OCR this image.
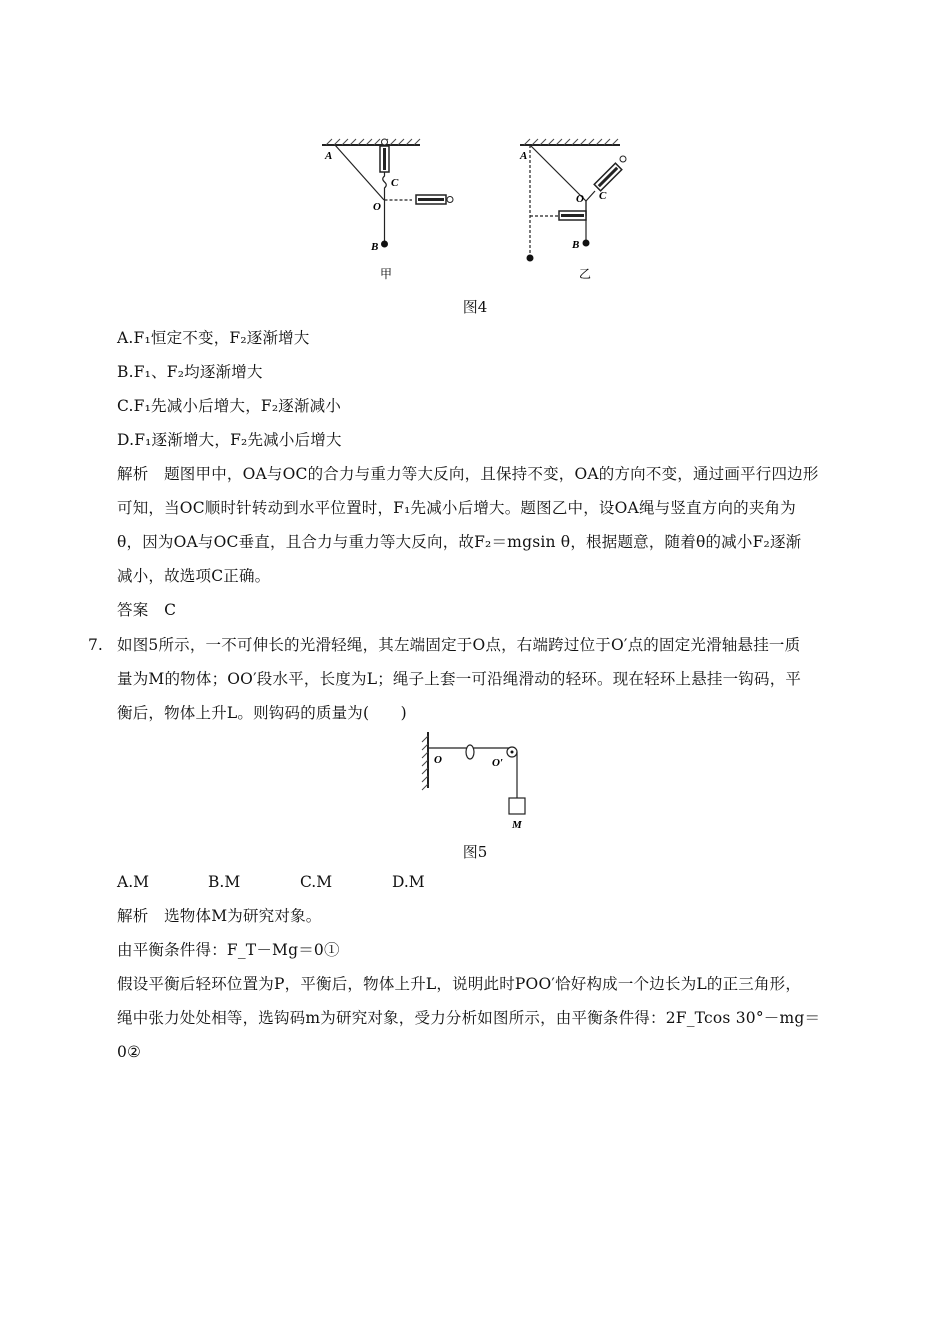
A
C
O
B
甲
A
C
O
B
乙
图4
A.F₁恒定不变，F₂逐渐增大
B.F₁、F₂均逐渐增大
C.F₁先减小后增大，F₂逐渐减小
D.F₁逐渐增大，F₂先减小后增大
解析　题图甲中，OA与OC的合力与重力等大反向，且保持不变，OA的方向不变，通过画平行四边形
可知，当OC顺时针转动到水平位置时，F₁先减小后增大。题图乙中，设OA绳与竖直方向的夹角为
θ，因为OA与OC垂直，且合力与重力等大反向，故F₂＝mgsin θ，根据题意，随着θ的减小F₂逐渐
减小，故选项C正确。
答案　C
7. 如图5所示，一不可伸长的光滑轻绳，其左端固定于O点，右端跨过位于O′点的固定光滑轴悬挂一质
量为M的物体；OO′段水平，长度为L；绳子上套一可沿绳滑动的轻环。现在轻环上悬挂一钩码，平
衡后，物体上升L。则钩码的质量为(　　)
O	O′
M
图5
A.M	B.M	C.M	D.M
解析　选物体M为研究对象。
由平衡条件得：F_T－Mg＝0①
假设平衡后轻环位置为P，平衡后，物体上升L，说明此时POO′恰好构成一个边长为L的正三角形，
绳中张力处处相等，选钩码m为研究对象，受力分析如图所示，由平衡条件得：2F_Tcos 30°－mg＝
0②
